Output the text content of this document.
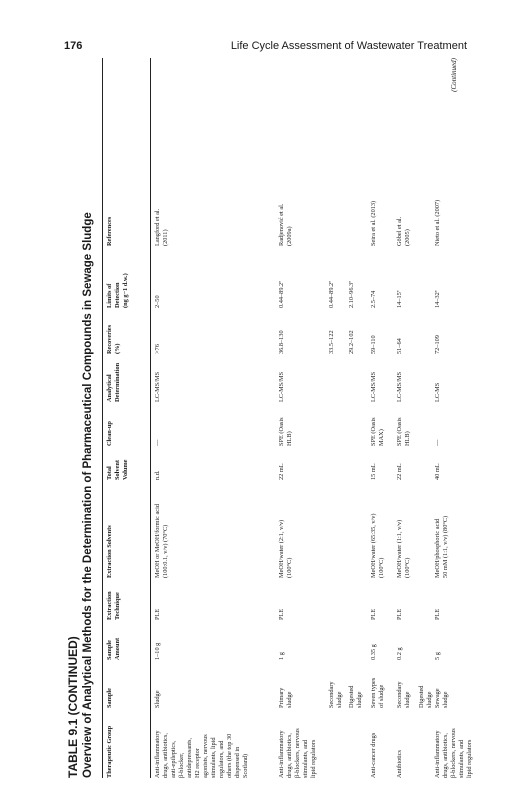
176	Life Cycle Assessment of Wastewater Treatment
TABLE 9.1 (CONTINUED) Overview of Analytical Methods for the Determination of Pharmaceutical Compounds in Sewage Sludge Therapeutic Group
Sample
Sample
Amount
Extraction
Technique
Extraction Solvents
Total
Solvent
Volume
Clean-up
Analytical
Determination
Recoveries
(%)
Limits of
Detection
(ng g−1 d.w.)
References
Anti-inflammatory
drugs, antibiotics,
anti-epileptics,
β-blocker,
antidepressants,
H2 receptor
agonists, nervous
stimulants, lipid
regulators, and
others (the top 30
dispensed in
Scotland)
Sludge
1–10 g
PLE
MeOH or MeOH/formic acid
(100:0.1, v/v) (70°C)
n.d.
—
LC-MS/MS
>76
2–50
Langford et al.
(2011)
Anti-inflammatory
drugs, antibiotics,
β-blockers, nervous
stimulants, and
lipid regulators
Primary
sludge
1 g
PLE
MeOH/water (2:1, v/v)
(100°C)
22 mL
SPE (Oasis
HLB)
LC-MS/MS
36.8–130
0.44–89.2ª
Radjenović et al.
(2009a)
Secondary
sludge
33.5–122
0.44–89.2ª
Digested
sludge
29.2–102
2.10–96.3ª
Anti-cancer drugs
Seven types
of sludge
0.35 g
PLE
MeOH/water (65:35, v/v)
(100°C)
15 mL
SPE (Oasis
MAX)
LC-MS/MS
59–110
2.5–74
Seira et al. (2013)
Antibiotics
Secondary
sludge
0.2 g
PLE
MeOH/water (1:1, v/v)
(100°C)
22 mL
SPE (Oasis
HLB)
LC-MS/MS
51–64
14–15ª
Göbel et al.
(2005)
Digested
sludge
Anti-inflammatory
drugs, antibiotics,
β-blockers, nervous
stimulants, and
lipid regulators
Sewage
sludge
5 g
PLE
MeOH/phosphoric acid
50 mM (1:1, v/v) (80°C)
40 mL
—
LC-MS
72–109
14–32ª
Nieto et al. (2007)
(Continued)
